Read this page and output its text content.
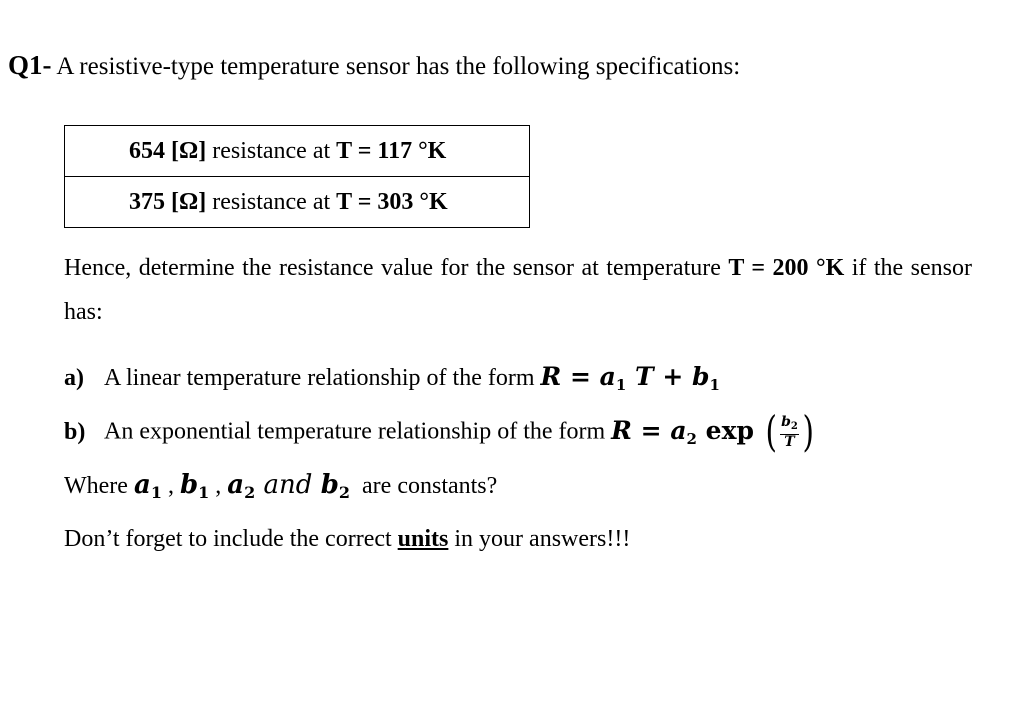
Q1- A resistive-type temperature sensor has the following specifications:
654 [Ω] resistance at T = 117 °K
375 [Ω] resistance at T = 303 °K
Hence, determine the resistance value for the sensor at temperature T = 200 °K if the sensor has:
a) A linear temperature relationship of the form $R = a_1$ $T + b_1$
b) An exponential temperature relationship of the form $R = a_2$ exp ( $\frac{b_2}{T}$ )
Where $a_1$ , $b_1$ , $a_2$ and $b_2$  are constants?
Don’t forget to include the correct units in your answers!!!
